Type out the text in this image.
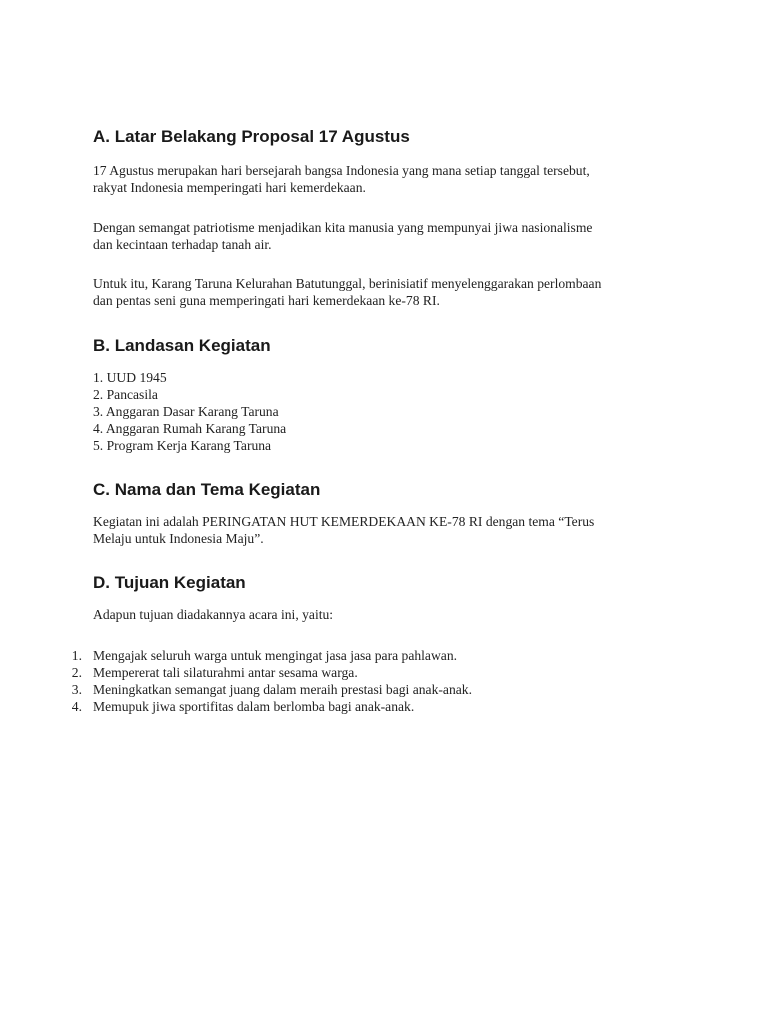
A. Latar Belakang Proposal 17 Agustus
17 Agustus merupakan hari bersejarah bangsa Indonesia yang mana setiap tanggal tersebut,
rakyat Indonesia memperingati hari kemerdekaan.
Dengan semangat patriotisme menjadikan kita manusia yang mempunyai jiwa nasionalisme
dan kecintaan terhadap tanah air.
Untuk itu, Karang Taruna Kelurahan Batutunggal, berinisiatif menyelenggarakan perlombaan
dan pentas seni guna memperingati hari kemerdekaan ke-78 RI.
B. Landasan Kegiatan
1. UUD 1945
2. Pancasila
3. Anggaran Dasar Karang Taruna
4. Anggaran Rumah Karang Taruna
5. Program Kerja Karang Taruna
C. Nama dan Tema Kegiatan
Kegiatan ini adalah PERINGATAN HUT KEMERDEKAAN KE-78 RI dengan tema “Terus
Melaju untuk Indonesia Maju”.
D. Tujuan Kegiatan
Adapun tujuan diadakannya acara ini, yaitu:
1. Mengajak seluruh warga untuk mengingat jasa jasa para pahlawan.
2. Mempererat tali silaturahmi antar sesama warga.
3. Meningkatkan semangat juang dalam meraih prestasi bagi anak-anak.
4. Memupuk jiwa sportifitas dalam berlomba bagi anak-anak.
